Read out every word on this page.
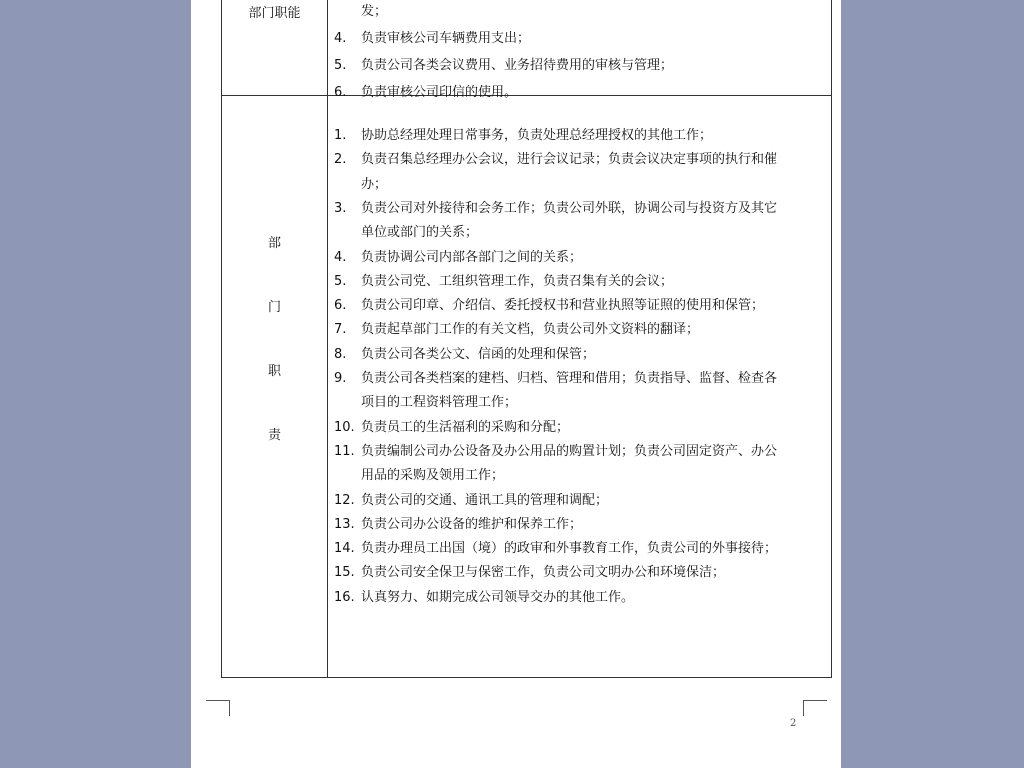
部门职能	发；
4. 负责审核公司车辆费用支出；
5. 负责公司各类会议费用、业务招待费用的审核与管理；
6. 负责审核公司印信的使用。
部
门
职
责
1. 协助总经理处理日常事务，负责处理总经理授权的其他工作；
2. 负责召集总经理办公会议，进行会议记录；负责会议决定事项的执行和催
办；
3. 负责公司对外接待和会务工作；负责公司外联，协调公司与投资方及其它
单位或部门的关系；
4. 负责协调公司内部各部门之间的关系；
5. 负责公司党、工组织管理工作，负责召集有关的会议；
6. 负责公司印章、介绍信、委托授权书和营业执照等证照的使用和保管；
7. 负责起草部门工作的有关文档，负责公司外文资料的翻译；
8. 负责公司各类公文、信函的处理和保管；
9. 负责公司各类档案的建档、归档、管理和借用；负责指导、监督、检查各
项目的工程资料管理工作；
10. 负责员工的生活福利的采购和分配；
11. 负责编制公司办公设备及办公用品的购置计划；负责公司固定资产、办公
用品的采购及领用工作；
12. 负责公司的交通、通讯工具的管理和调配；
13. 负责公司办公设备的维护和保养工作；
14. 负责办理员工出国（境）的政审和外事教育工作，负责公司的外事接待；
15. 负责公司安全保卫与保密工作，负责公司文明办公和环境保洁；
16. 认真努力、如期完成公司领导交办的其他工作。
2
